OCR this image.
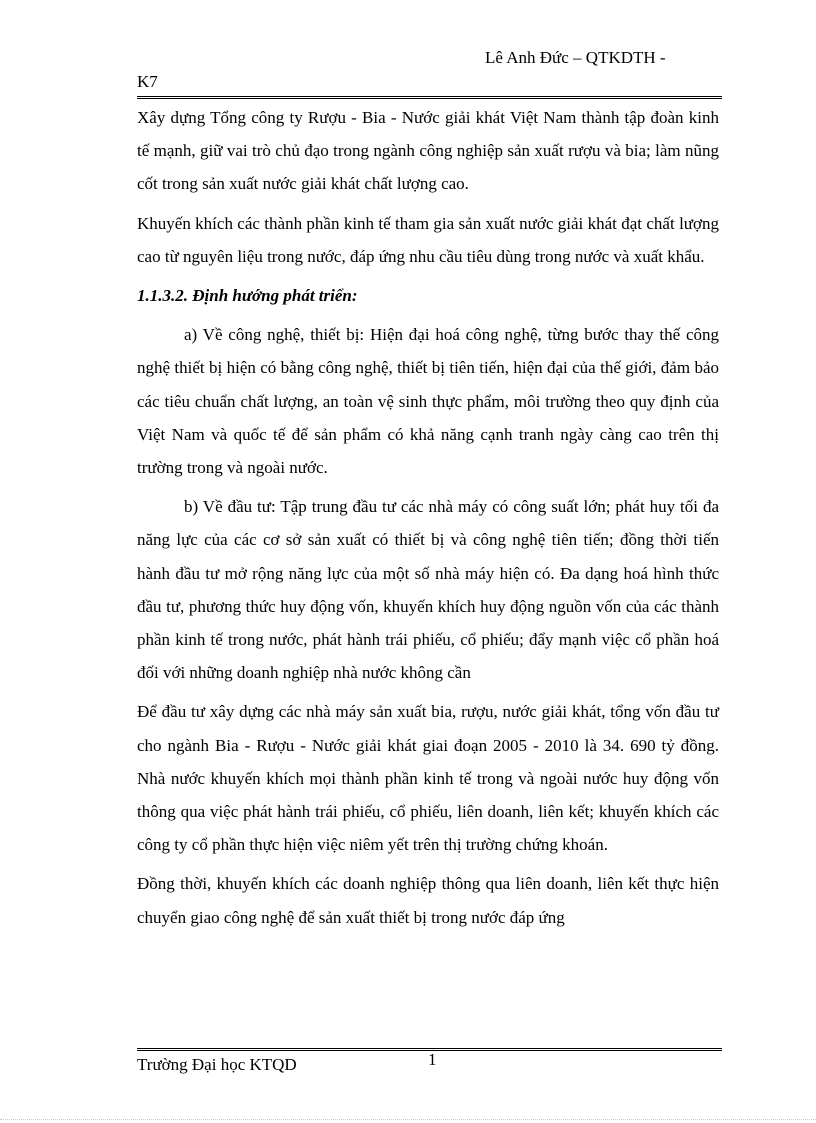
Lê Anh Đức – QTKDTH -
K7

Xây dựng Tổng công ty Rượu - Bia - Nước giải khát Việt Nam thành tập đoàn kinh tế mạnh, giữ vai trò chủ đạo trong ngành công nghiệp sản xuất rượu và bia; làm nũng cốt trong sản xuất nước giải khát chất lượng cao.

Khuyến khích các thành phần kinh tế tham gia sản xuất nước giải khát đạt chất lượng cao từ nguyên liệu trong nước, đáp ứng nhu cầu tiêu dùng trong nước và xuất khẩu.

1.1.3.2. Định hướng phát triển:

a) Về công nghệ, thiết bị: Hiện đại hoá công nghệ, từng bước thay thế công nghệ thiết bị hiện có bằng công nghệ, thiết bị tiên tiến, hiện đại của thế giới, đảm bảo các tiêu chuẩn chất lượng, an toàn vệ sinh thực phẩm, môi trường theo quy định của Việt Nam và quốc tế để sản phẩm có khả năng cạnh tranh ngày càng cao trên thị trường trong và ngoài nước.

b) Về đầu tư: Tập trung đầu tư các nhà máy có công suất lớn; phát huy tối đa năng lực của các cơ sở sản xuất có thiết bị và công nghệ tiên tiến; đồng thời tiến hành đầu tư mở rộng năng lực của một số nhà máy hiện có. Đa dạng hoá hình thức đầu tư, phương thức huy động vốn, khuyến khích huy động nguồn vốn của các thành phần kinh tế trong nước, phát hành trái phiếu, cổ phiếu; đẩy mạnh việc cổ phần hoá đối với những doanh nghiệp nhà nước không cần

Để đầu tư xây dựng các nhà máy sản xuất bia, rượu, nước giải khát, tổng vốn đầu tư cho ngành Bia - Rượu - Nước giải khát giai đoạn 2005 - 2010 là 34. 690 tỷ đồng. Nhà nước khuyến khích mọi thành phần kinh tế trong và ngoài nước huy động vốn thông qua việc phát hành trái phiếu, cổ phiếu, liên doanh, liên kết; khuyến khích các công ty cổ phần thực hiện việc niêm yết trên thị trường chứng khoán.

Đồng thời, khuyến khích các doanh nghiệp thông qua liên doanh, liên kết thực hiện chuyển giao công nghệ để sản xuất thiết bị trong nước đáp ứng

Trường Đại học KTQD	1
